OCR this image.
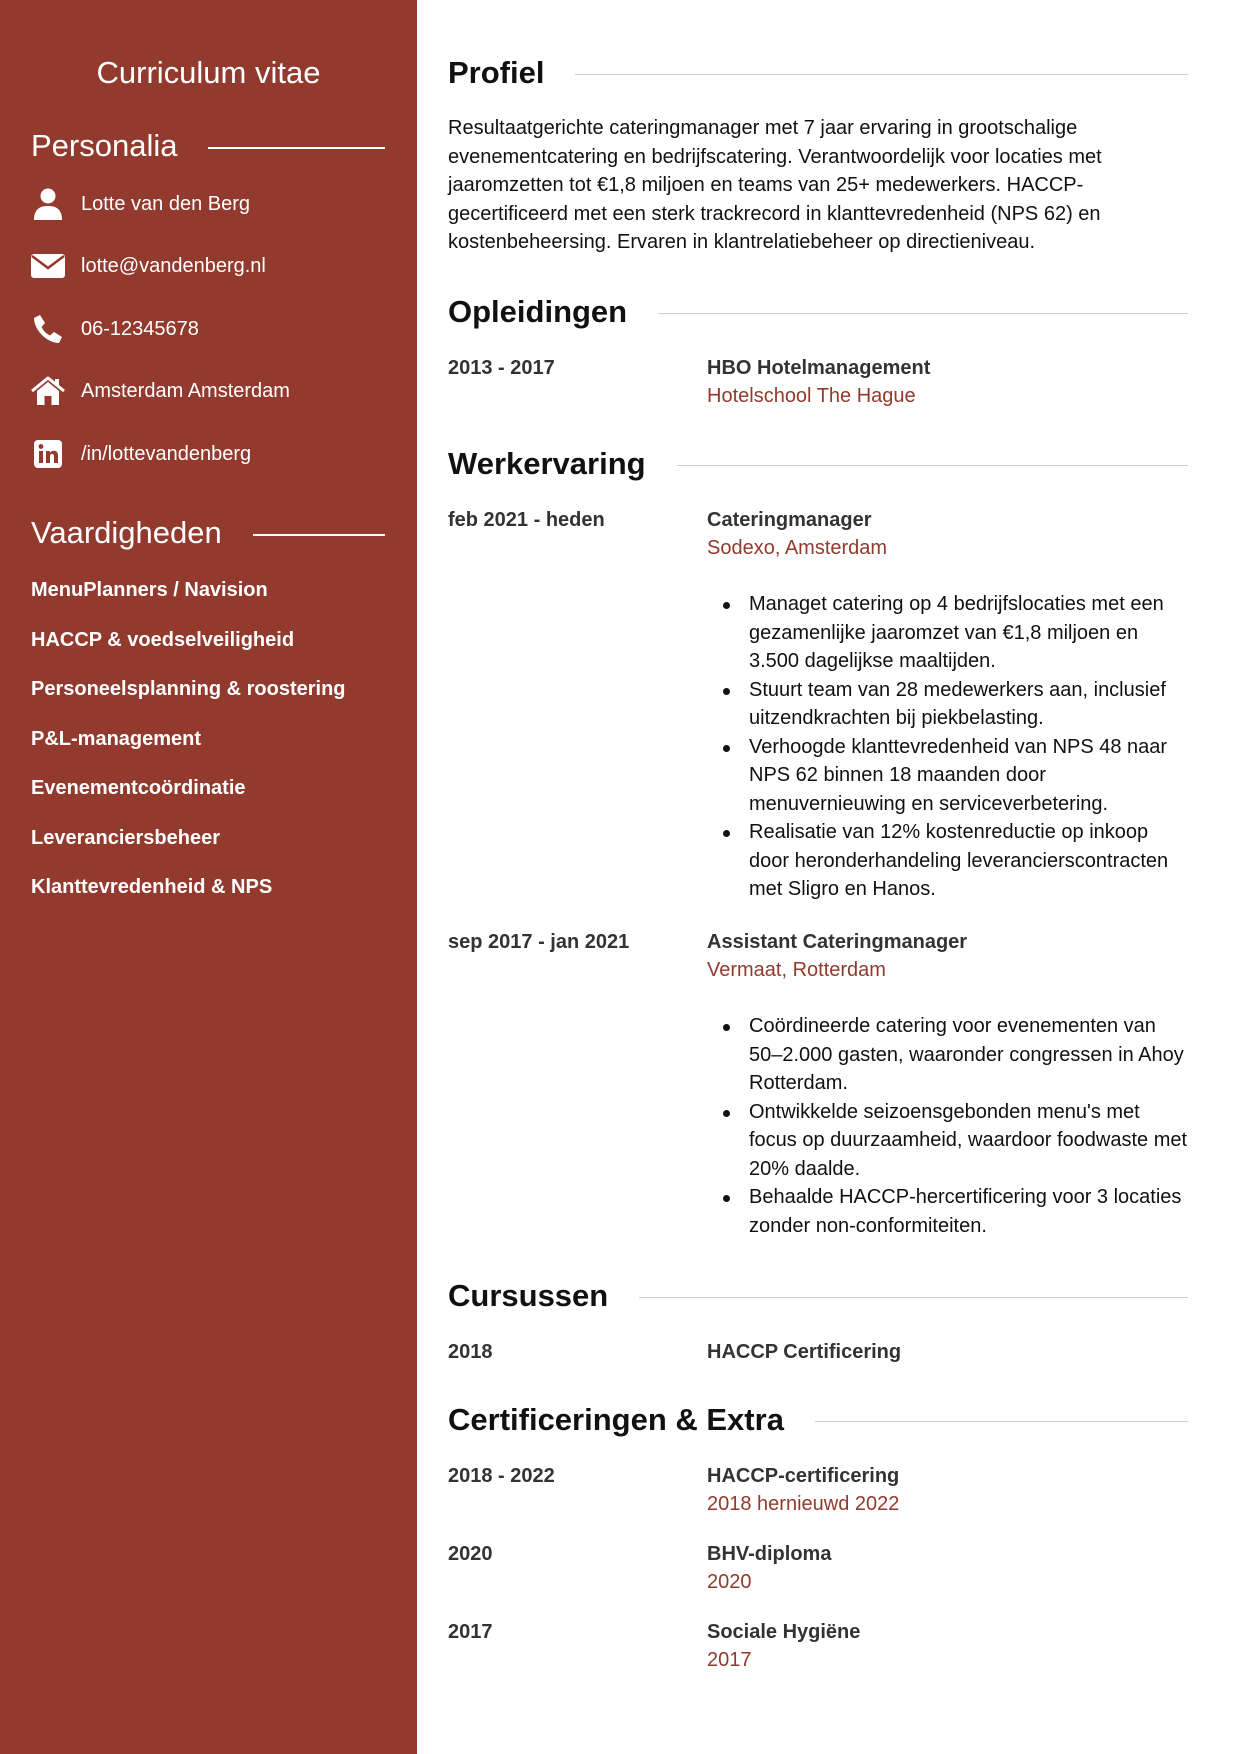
Curriculum vitae
Personalia
Lotte van den Berg
lotte@vandenberg.nl
06-12345678
Amsterdam Amsterdam
/in/lottevandenberg
Vaardigheden
MenuPlanners / Navision
HACCP & voedselveiligheid
Personeelsplanning & roostering
P&L-management
Evenementcoördinatie
Leveranciersbeheer
Klanttevredenheid & NPS
Profiel
Resultaatgerichte cateringmanager met 7 jaar ervaring in grootschalige evenementcatering en bedrijfscatering. Verantwoordelijk voor locaties met jaaromzetten tot €1,8 miljoen en teams van 25+ medewerkers. HACCP-gecertificeerd met een sterk trackrecord in klanttevredenheid (NPS 62) en kostenbeheersing. Ervaren in klantrelatiebeheer op directieniveau.
Opleidingen
2013 - 2017	HBO Hotelmanagement
Hotelschool The Hague
Werkervaring
feb 2021 - heden	Cateringmanager
Sodexo, Amsterdam
Managet catering op 4 bedrijfslocaties met een gezamenlijke jaaromzet van €1,8 miljoen en 3.500 dagelijkse maaltijden.
Stuurt team van 28 medewerkers aan, inclusief uitzendkrachten bij piekbelasting.
Verhoogde klanttevredenheid van NPS 48 naar NPS 62 binnen 18 maanden door menuvernieuwing en serviceverbetering.
Realisatie van 12% kostenreductie op inkoop door heronderhandeling leverancierscontracten met Sligro en Hanos.
sep 2017 - jan 2021	Assistant Cateringmanager
Vermaat, Rotterdam
Coördineerde catering voor evenementen van 50–2.000 gasten, waaronder congressen in Ahoy Rotterdam.
Ontwikkelde seizoensgebonden menu's met focus op duurzaamheid, waardoor foodwaste met 20% daalde.
Behaalde HACCP-hercertificering voor 3 locaties zonder non-conformiteiten.
Cursussen
2018	HACCP Certificering
Certificeringen & Extra
2018 - 2022	HACCP-certificering
2018 hernieuwd 2022
2020	BHV-diploma
2020
2017	Sociale Hygiëne
2017
